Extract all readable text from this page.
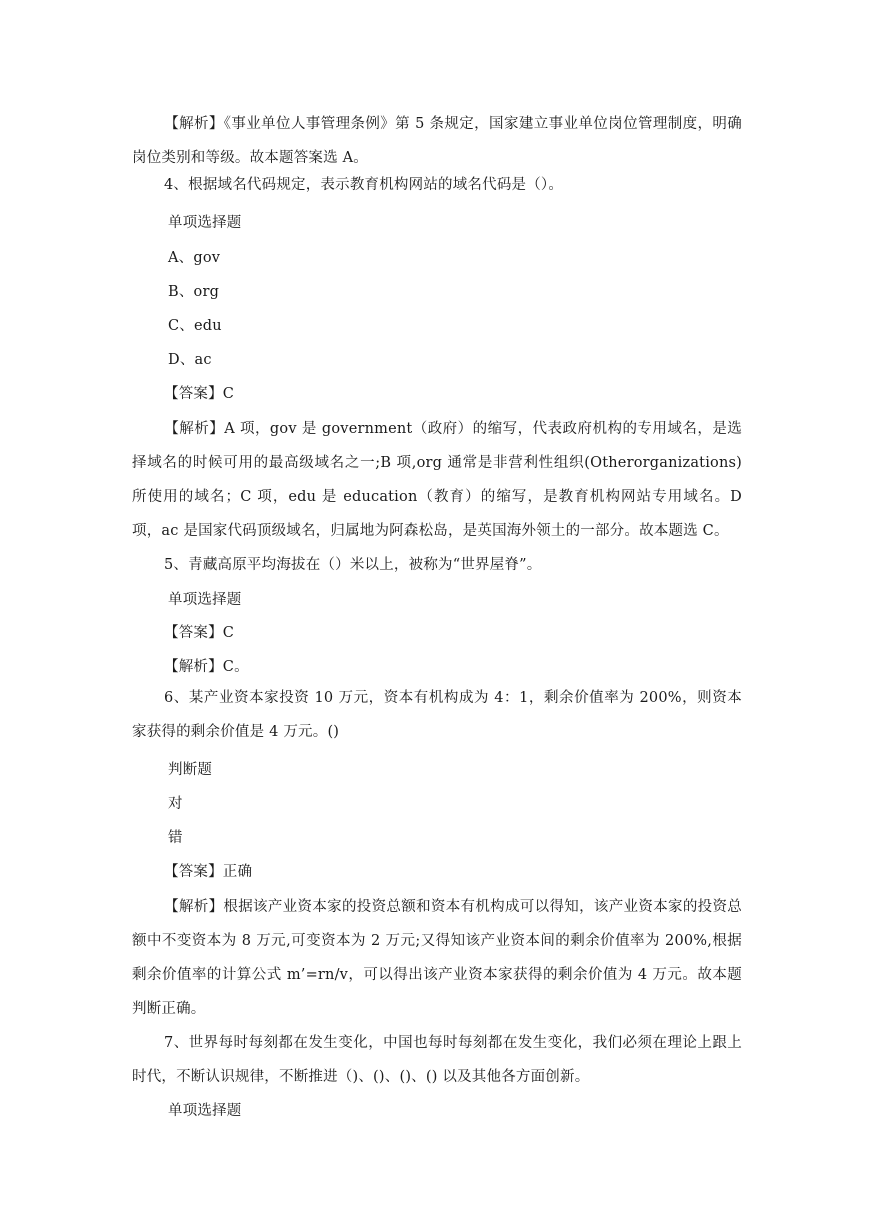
【解析】《事业单位人事管理条例》第 5 条规定，国家建立事业单位岗位管理制度，明确岗位类别和等级。故本题答案选 A。
4、根据域名代码规定，表示教育机构网站的域名代码是（）。
单项选择题
A、gov
B、org
C、edu
D、ac
【答案】C
【解析】A 项，gov 是 government（政府）的缩写，代表政府机构的专用域名，是选择域名的时候可用的最高级域名之一;B 项,org 通常是非营利性组织(Otherorganizations)所使用的域名；C 项，edu 是 education（教育）的缩写，是教育机构网站专用域名。D 项，ac 是国家代码顶级域名，归属地为阿森松岛，是英国海外领土的一部分。故本题选 C。
5、青藏高原平均海拔在（）米以上，被称为“世界屋脊”。
单项选择题
【答案】C
【解析】C。
6、某产业资本家投资 10 万元，资本有机构成为 4：1，剩余价值率为 200%，则资本家获得的剩余价值是 4 万元。()
判断题
对
错
【答案】正确
【解析】根据该产业资本家的投资总额和资本有机构成可以得知，该产业资本家的投资总额中不变资本为 8 万元,可变资本为 2 万元;又得知该产业资本间的剩余价值率为 200%,根据剩余价值率的计算公式 m’=rn/v，可以得出该产业资本家获得的剩余价值为 4 万元。故本题判断正确。
7、世界每时每刻都在发生变化，中国也每时每刻都在发生变化，我们必须在理论上跟上时代，不断认识规律，不断推进（)、()、()、() 以及其他各方面创新。
单项选择题
